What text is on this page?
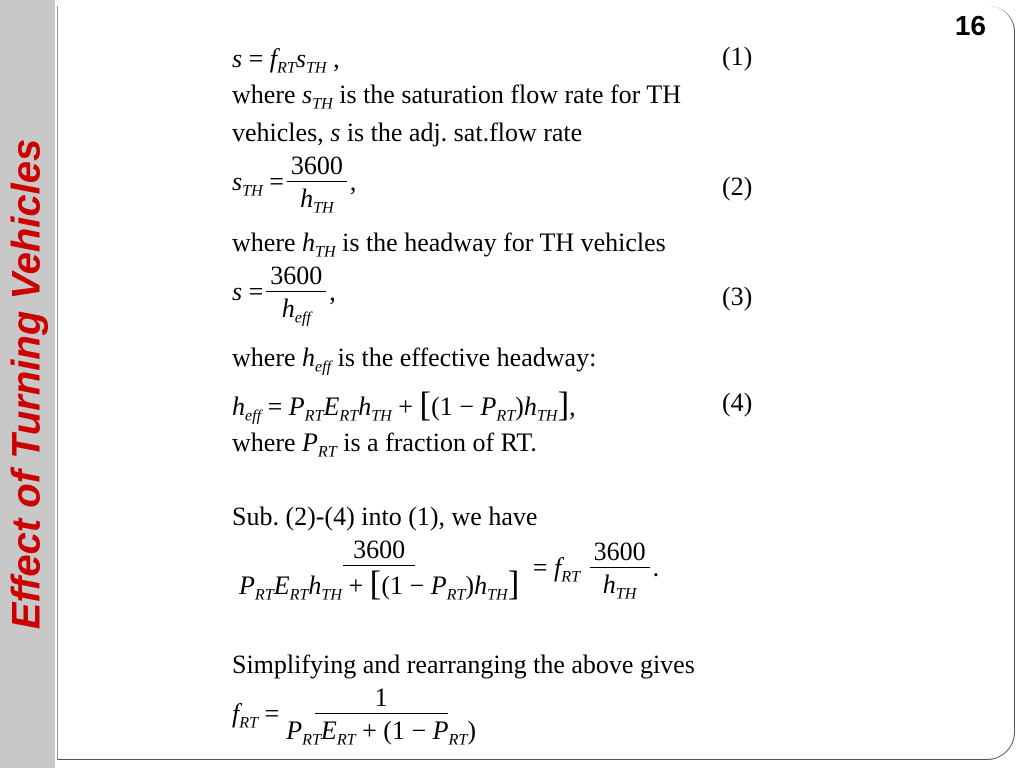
Effect of Turning Vehicles
16
$s = f_{RT}s_{TH}$ ,	(1)
where $s_{TH}$ is the saturation flow rate for TH
vehicles, s is the adj. sat.flow rate
$s_{TH} = \frac{3600}{h_{TH}}$ ,	(2)
where $h_{TH}$ is the headway for TH vehicles
$s = \frac{3600}{h_{eff}}$ ,	(3)
where $h_{eff}$ is the effective headway:
$h_{eff} = P_{RT}E_{RT}h_{TH} + [(1 - P_{RT})h_{TH}]$,	(4)
where $P_{RT}$ is a fraction of RT.
Sub. (2)-(4) into (1), we have
$\frac{3600}{P_{RT}E_{RT}h_{TH} + [(1 - P_{RT})h_{TH}]} = f_{RT} \frac{3600}{h_{TH}}$ .
Simplifying and rearranging the above gives
$f_{RT} = \frac{1}{P_{RT}E_{RT} + (1 - P_{RT})}$
